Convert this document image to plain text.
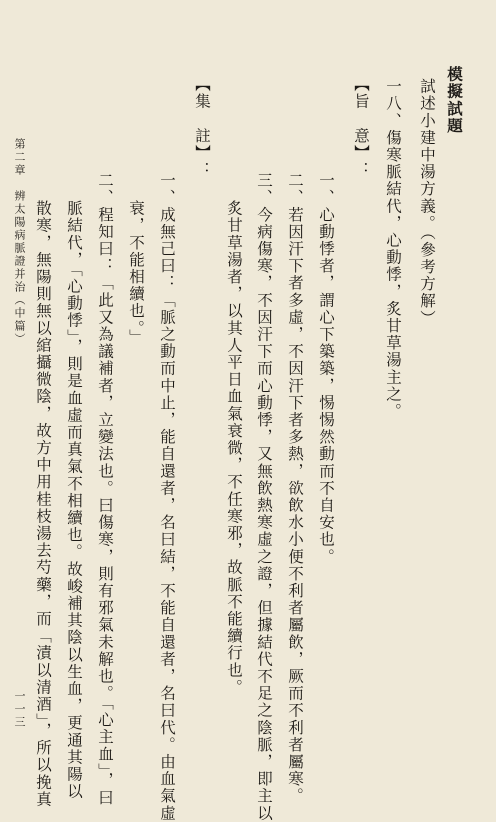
模擬試題
試述小建中湯方義。（參考方解）
一八、傷寒脈結代，心動悸，炙甘草湯主之。
【旨　意】：
一、心動悸者，謂心下築築，惕惕然動而不自安也。
二、若因汗下者多虛，不因汗下者多熱，欲飲水小便不利者屬飲，厥而不利者屬寒。
三、今病傷寒，不因汗下而心動悸，又無飲熱寒虛之證，但據結代不足之陰脈，即主以
炙甘草湯者，以其人平日血氣衰微，不任寒邪，故脈不能續行也。
【集　註】：
一、成無己曰：「脈之動而中止，能自還者，名曰結，不能自還者，名曰代。由血氣虛
衰，不能相續也。」
二、程知曰：「此又為議補者，立變法也。曰傷寒，則有邪氣未解也。「心主血」，曰
脈結代，「心動悸」，則是血虛而真氣不相續也。故峻補其陰以生血，更通其陽以
散寒，無陽則無以綰攝微陰，故方中用桂枝湯去芍藥，而「漬以清酒」，所以挽真
第二章　辨太陽病脈證并治（中篇）
一一三
